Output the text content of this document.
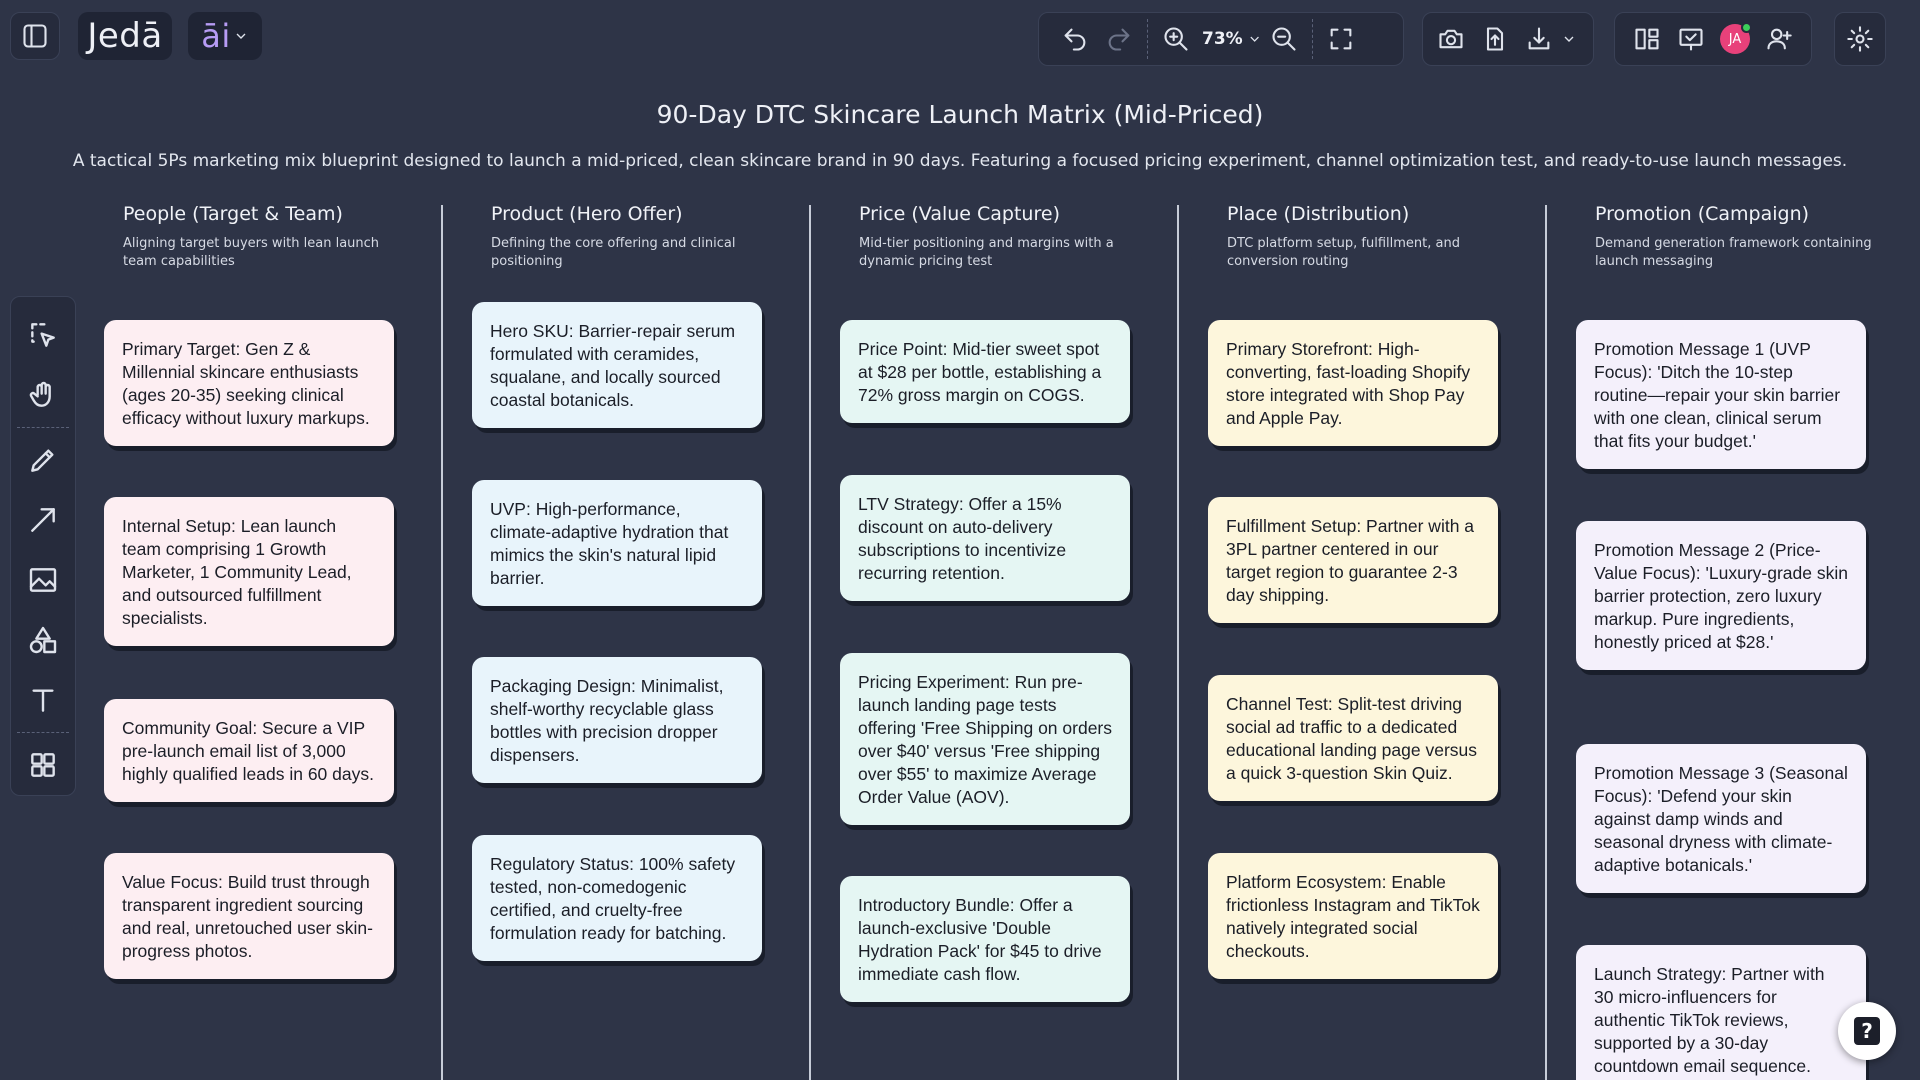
Jedā āi	73%	JA
90-Day DTC Skincare Launch Matrix (Mid-Priced)
A tactical 5Ps marketing mix blueprint designed to launch a mid-priced, clean skincare brand in 90 days. Featuring a focused pricing experiment, channel optimization test, and ready-to-use launch messages.
People (Target & Team)

Aligning target buyers with lean launch team capabilities

Primary Target: Gen Z & Millennial skincare enthusiasts (ages 20-35) seeking clinical efficacy without luxury markups.
Internal Setup: Lean launch team comprising 1 Growth Marketer, 1 Community Lead, and outsourced fulfillment specialists.
Community Goal: Secure a VIP pre-launch email list of 3,000 highly qualified leads in 60 days.
Value Focus: Build trust through transparent ingredient sourcing and real, unretouched user skin-progress photos.
Product (Hero Offer)

Defining the core offering and clinical positioning

Hero SKU: Barrier-repair serum formulated with ceramides, squalane, and locally sourced coastal botanicals.
UVP: High-performance, climate-adaptive hydration that mimics the skin's natural lipid barrier.
Packaging Design: Minimalist, shelf-worthy recyclable glass bottles with precision dropper dispensers.
Regulatory Status: 100% safety tested, non-comedogenic certified, and cruelty-free formulation ready for batching.
Price (Value Capture)

Mid-tier positioning and margins with a dynamic pricing test

Price Point: Mid-tier sweet spot at $28 per bottle, establishing a 72% gross margin on COGS.
LTV Strategy: Offer a 15% discount on auto-delivery subscriptions to incentivize recurring retention.
Pricing Experiment: Run pre-launch landing page tests offering 'Free Shipping on orders over $40' versus 'Free shipping over $55' to maximize Average Order Value (AOV).
Introductory Bundle: Offer a launch-exclusive 'Double Hydration Pack' for $45 to drive immediate cash flow.
Place (Distribution)

DTC platform setup, fulfillment, and conversion routing

Primary Storefront: High-converting, fast-loading Shopify store integrated with Shop Pay and Apple Pay.
Fulfillment Setup: Partner with a 3PL partner centered in our target region to guarantee 2-3 day shipping.
Channel Test: Split-test driving social ad traffic to a dedicated educational landing page versus a quick 3-question Skin Quiz.
Platform Ecosystem: Enable frictionless Instagram and TikTok natively integrated social checkouts.
Promotion (Campaign)

Demand generation framework containing launch messaging

Promotion Message 1 (UVP Focus): 'Ditch the 10-step routine—repair your skin barrier with one clean, clinical serum that fits your budget.'
Promotion Message 2 (Price-Value Focus): 'Luxury-grade skin barrier protection, zero luxury markup. Pure ingredients, honestly priced at $28.'
Promotion Message 3 (Seasonal Focus): 'Defend your skin against damp winds and seasonal dryness with climate-adaptive botanicals.'
Launch Strategy: Partner with 30 micro-influencers for authentic TikTok reviews, supported by a 30-day countdown email sequence.
?
